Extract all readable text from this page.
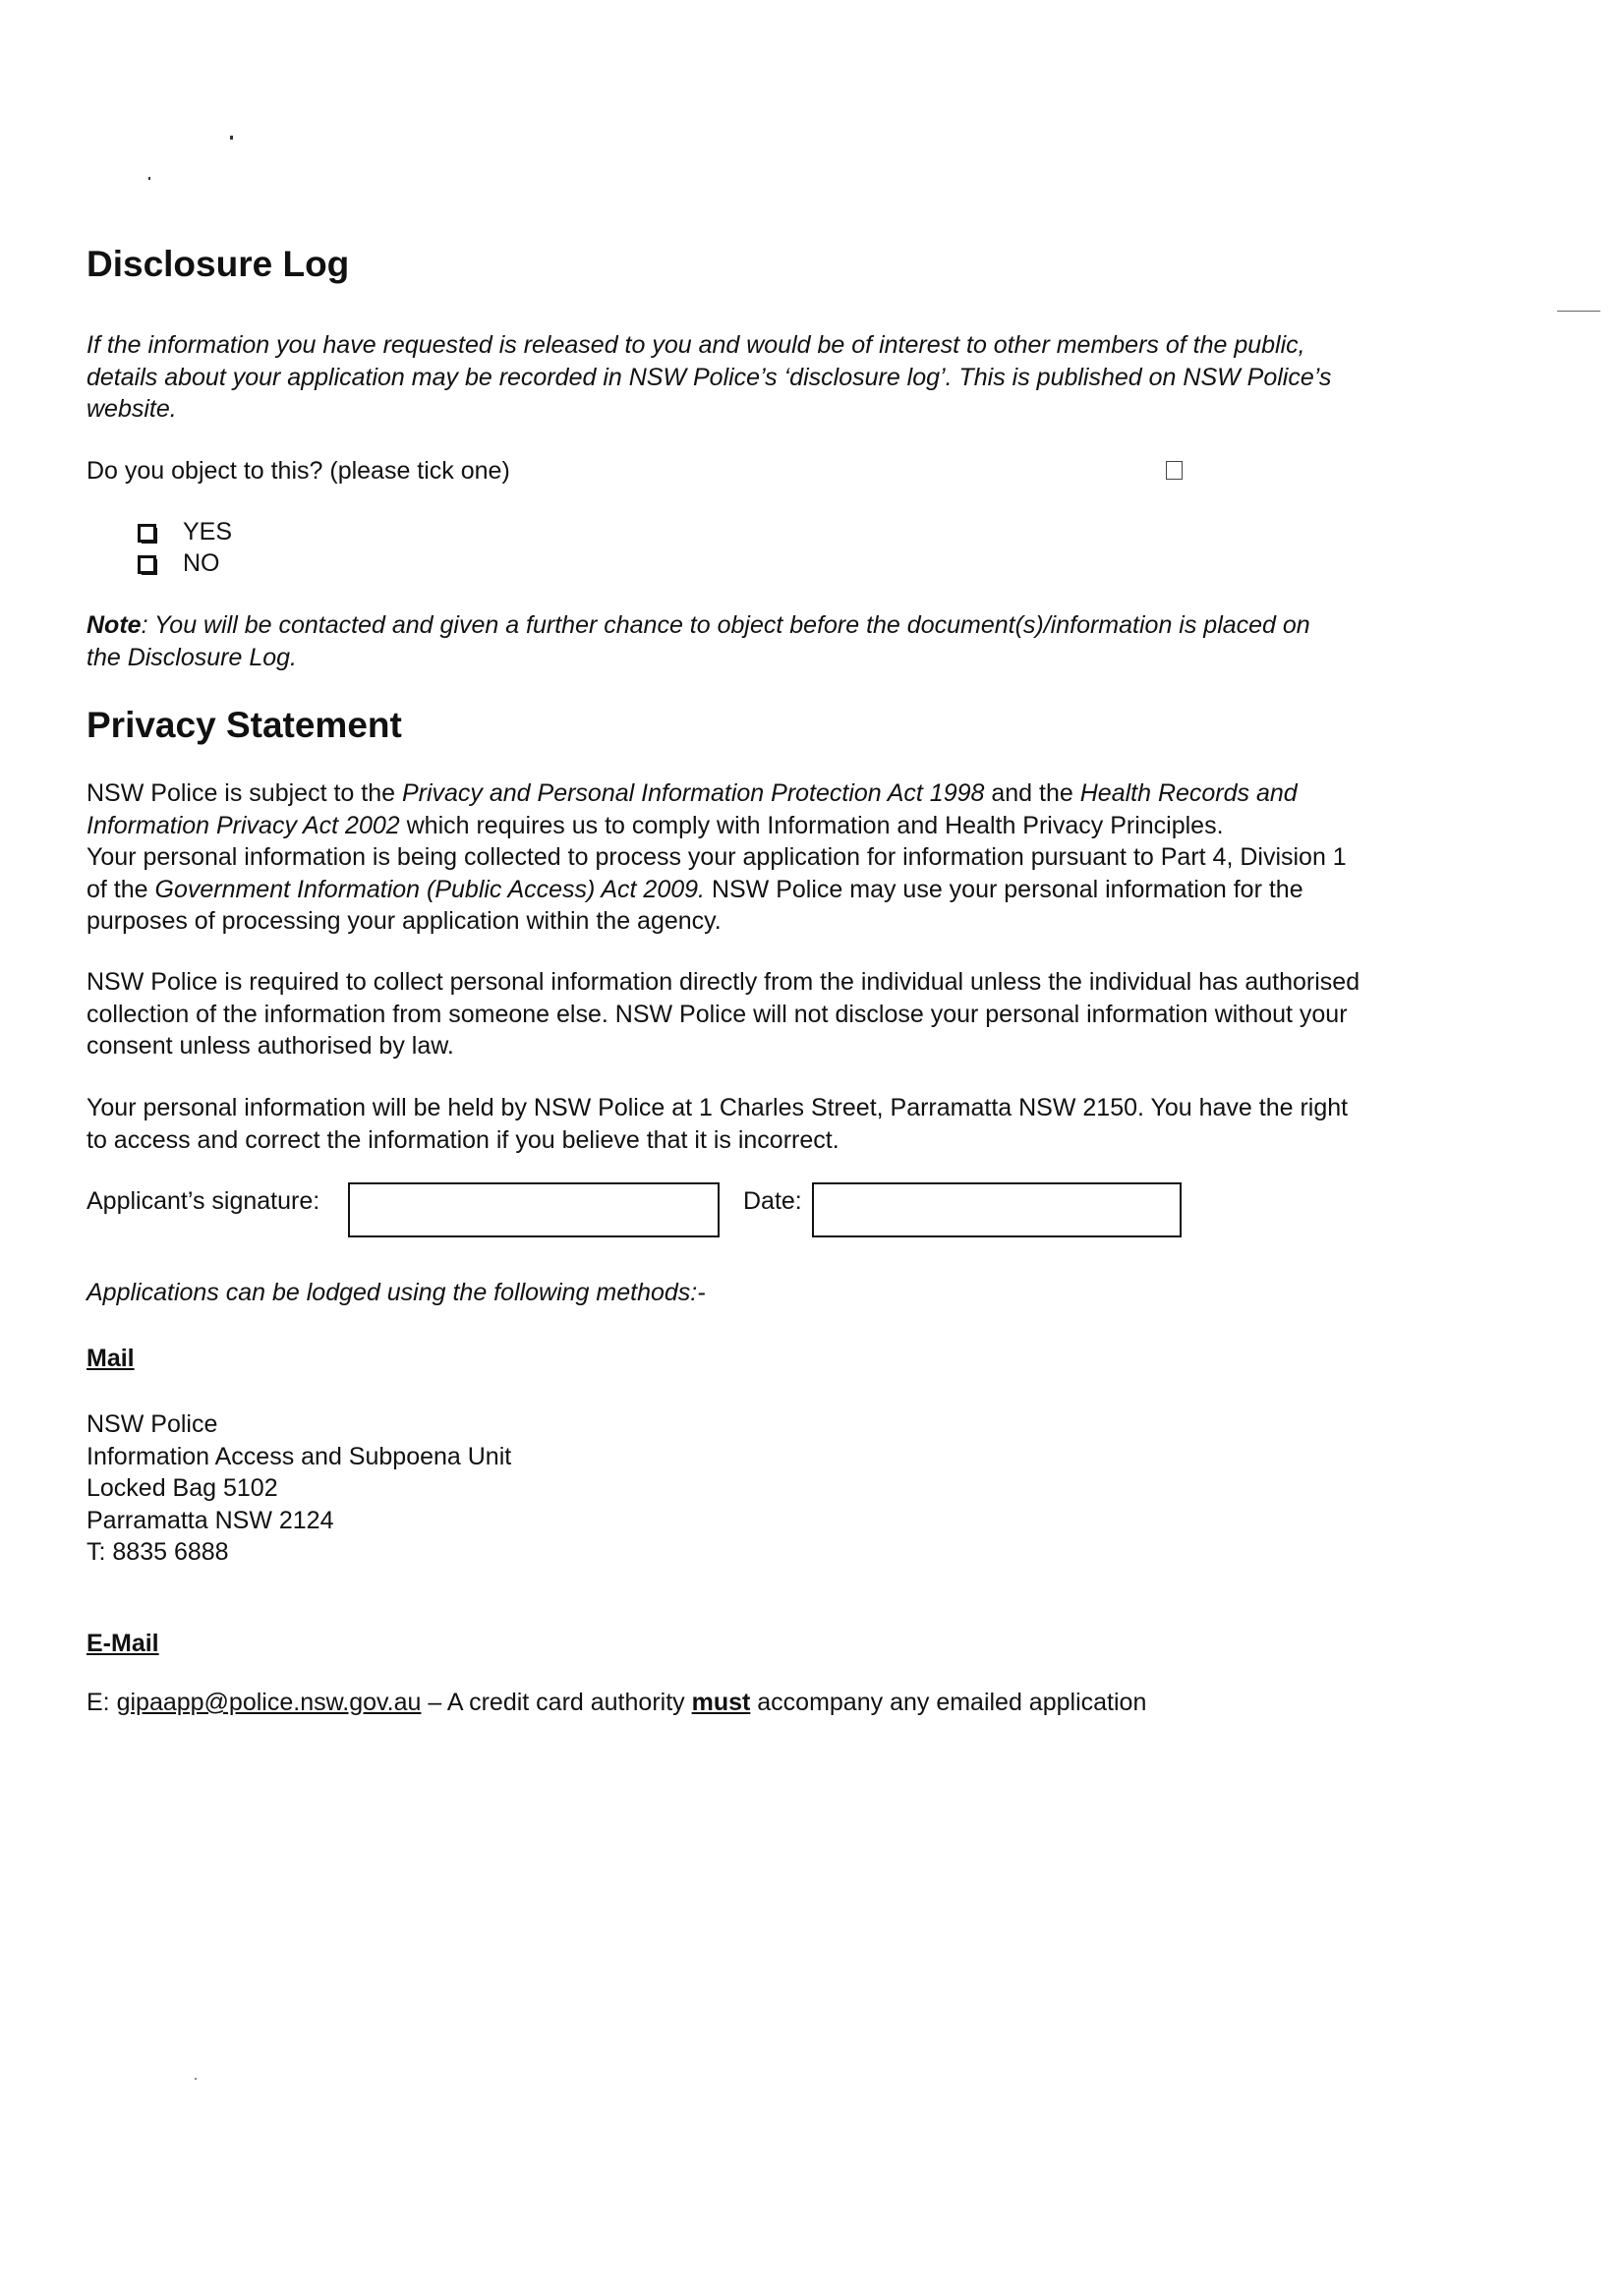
Disclosure Log
If the information you have requested is released to you and would be of interest to other members of the public,
details about your application may be recorded in NSW Police’s ‘disclosure log’. This is published on NSW Police’s
website.
Do you object to this? (please tick one)
YES
NO
Note: You will be contacted and given a further chance to object before the document(s)/information is placed on
the Disclosure Log.
Privacy Statement
NSW Police is subject to the Privacy and Personal Information Protection Act 1998 and the Health Records and
Information Privacy Act 2002 which requires us to comply with Information and Health Privacy Principles.
Your personal information is being collected to process your application for information pursuant to Part 4, Division 1
of the Government Information (Public Access) Act 2009. NSW Police may use your personal information for the
purposes of processing your application within the agency.
NSW Police is required to collect personal information directly from the individual unless the individual has authorised
collection of the information from someone else. NSW Police will not disclose your personal information without your
consent unless authorised by law.
Your personal information will be held by NSW Police at 1 Charles Street, Parramatta NSW 2150. You have the right
to access and correct the information if you believe that it is incorrect.
Applicant’s signature:	Date:
Applications can be lodged using the following methods:-
Mail
NSW Police
Information Access and Subpoena Unit
Locked Bag 5102
Parramatta NSW 2124
T: 8835 6888
E-Mail
E: gipaapp@police.nsw.gov.au – A credit card authority must accompany any emailed application
